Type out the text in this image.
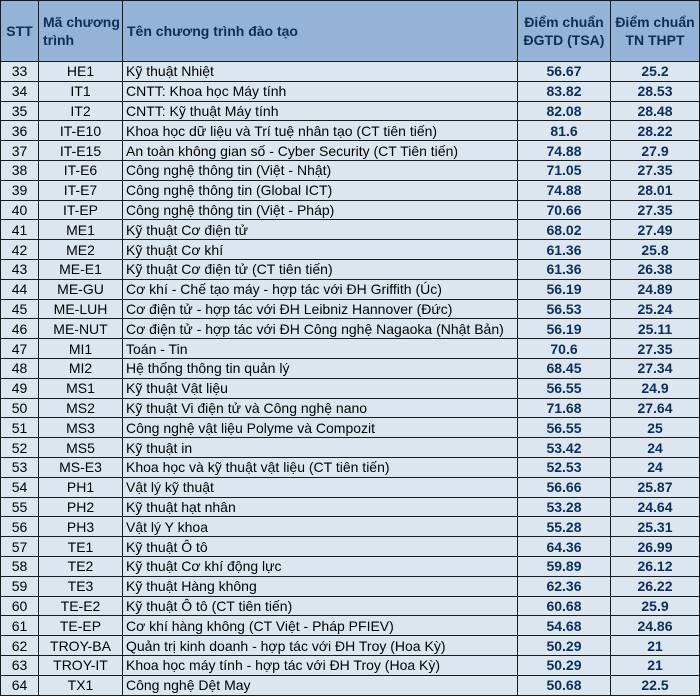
STT	Mã chương trình	Tên chương trình đào tạo	Điểm chuẩn ĐGTD (TSA)	Điểm chuẩn TN THPT
33	HE1	Kỹ thuật Nhiệt	56.67	25.2
34	IT1	CNTT: Khoa học Máy tính	83.82	28.53
35	IT2	CNTT: Kỹ thuật Máy tính	82.08	28.48
36	IT-E10	Khoa học dữ liệu và Trí tuệ nhân tạo (CT tiên tiến)	81.6	28.22
37	IT-E15	An toàn không gian số - Cyber Security (CT Tiên tiến)	74.88	27.9
38	IT-E6	Công nghệ thông tin (Việt - Nhật)	71.05	27.35
39	IT-E7	Công nghệ thông tin (Global ICT)	74.88	28.01
40	IT-EP	Công nghệ thông tin (Việt - Pháp)	70.66	27.35
41	ME1	Kỹ thuật Cơ điện tử	68.02	27.49
42	ME2	Kỹ thuật Cơ khí	61.36	25.8
43	ME-E1	Kỹ thuật Cơ điện tử (CT tiên tiến)	61.36	26.38
44	ME-GU	Cơ khí - Chế tạo máy - hợp tác với ĐH Griffith (Úc)	56.19	24.89
45	ME-LUH	Cơ điện tử - hợp tác với ĐH Leibniz Hannover (Đức)	56.53	25.24
46	ME-NUT	Cơ điện tử - hợp tác với ĐH Công nghệ Nagaoka (Nhật Bản)	56.19	25.11
47	MI1	Toán - Tin	70.6	27.35
48	MI2	Hệ thống thông tin quản lý	68.45	27.34
49	MS1	Kỹ thuật Vật liệu	56.55	24.9
50	MS2	Kỹ thuật Vi điện tử và Công nghệ nano	71.68	27.64
51	MS3	Công nghệ vật liệu Polyme và Compozit	56.55	25
52	MS5	Kỹ thuật in	53.42	24
53	MS-E3	Khoa học và kỹ thuật vật liệu (CT tiên tiến)	52.53	24
54	PH1	Vật lý kỹ thuật	56.66	25.87
55	PH2	Kỹ thuật hạt nhân	53.28	24.64
56	PH3	Vật lý Y khoa	55.28	25.31
57	TE1	Kỹ thuật Ô tô	64.36	26.99
58	TE2	Kỹ thuật Cơ khí động lực	59.89	26.12
59	TE3	Kỹ thuật Hàng không	62.36	26.22
60	TE-E2	Kỹ thuật Ô tô (CT tiên tiến)	60.68	25.9
61	TE-EP	Cơ khí hàng không (CT Việt - Pháp PFIEV)	54.68	24.86
62	TROY-BA	Quản trị kinh doanh - hợp tác với ĐH Troy (Hoa Kỳ)	50.29	21
63	TROY-IT	Khoa học máy tính - hợp tác với ĐH Troy (Hoa Kỳ)	50.29	21
64	TX1	Công nghệ Dệt May	50.68	22.5
